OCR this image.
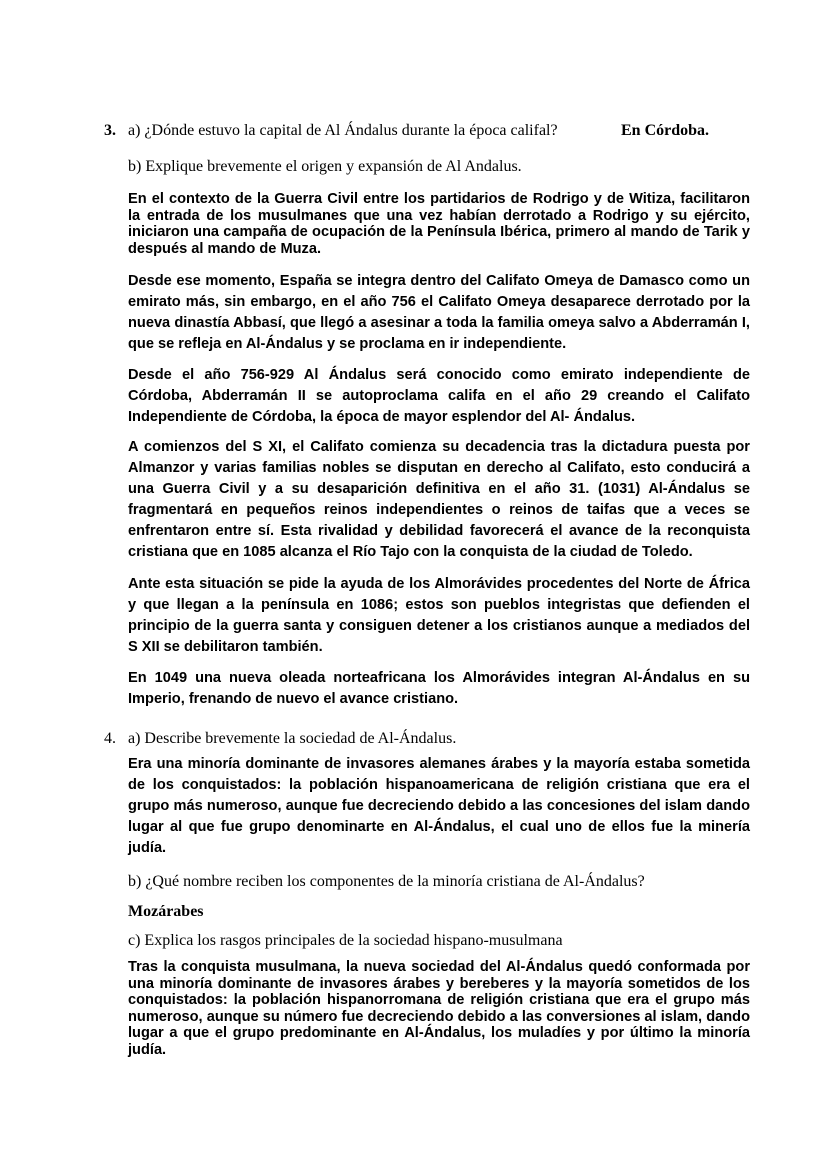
3. a) ¿Dónde estuvo la capital de Al Ándalus durante la época califal?	En Córdoba.
b) Explique brevemente el origen y expansión de Al Andalus.

En el contexto de la Guerra Civil entre los partidarios de Rodrigo y de Witiza, facilitaron la entrada de los musulmanes que una vez habían derrotado a Rodrigo y su ejército, iniciaron una campaña de ocupación de la Península Ibérica, primero al mando de Tarik y después al mando de Muza.

Desde ese momento, España se integra dentro del Califato Omeya de Damasco como un emirato más, sin embargo, en el año 756 el Califato Omeya desaparece derrotado por la nueva dinastía Abbasí, que llegó a asesinar a toda la familia omeya salvo a Abderramán I, que se refleja en Al-Ándalus y se proclama en ir independiente.

Desde el año 756-929 Al Ándalus será conocido como emirato independiente de Córdoba, Abderramán II se autoproclama califa en el año 29 creando el Califato Independiente de Córdoba, la época de mayor esplendor del Al- Ándalus.

A comienzos del S XI, el Califato comienza su decadencia tras la dictadura puesta por Almanzor y varias familias nobles se disputan en derecho al Califato, esto conducirá a una Guerra Civil y a su desaparición definitiva en el año 31. (1031) Al-Ándalus se fragmentará en pequeños reinos independientes o reinos de taifas que a veces se enfrentaron entre sí. Esta rivalidad y debilidad favorecerá el avance de la reconquista cristiana que en 1085 alcanza el Río Tajo con la conquista de la ciudad de Toledo.

Ante esta situación se pide la ayuda de los Almorávides procedentes del Norte de África y que llegan a la península en 1086; estos son pueblos integristas que defienden el principio de la guerra santa y consiguen detener a los cristianos aunque a mediados del S XII se debilitaron también.

En 1049 una nueva oleada norteafricana los Almorávides integran Al-Ándalus en su Imperio, frenando de nuevo el avance cristiano.

4. a) Describe brevemente la sociedad de Al-Ándalus.

Era una minoría dominante de invasores alemanes árabes y la mayoría estaba sometida de los conquistados: la población hispanoamericana de religión cristiana que era el grupo más numeroso, aunque fue decreciendo debido a las concesiones del islam dando lugar al que fue grupo denominarte en Al-Ándalus, el cual uno de ellos fue la minería judía.

b) ¿Qué nombre reciben los componentes de la minoría cristiana de Al-Ándalus?
Mozárabes
c) Explica los rasgos principales de la sociedad hispano-musulmana

Tras la conquista musulmana, la nueva sociedad del Al-Ándalus quedó conformada por una minoría dominante de invasores árabes y bereberes y la mayoría sometidos de los conquistados: la población hispanorromana de religión cristiana que era el grupo más numeroso, aunque su número fue decreciendo debido a las conversiones al islam, dando lugar a que el grupo predominante en Al-Ándalus, los muladíes y por último la minoría judía.
